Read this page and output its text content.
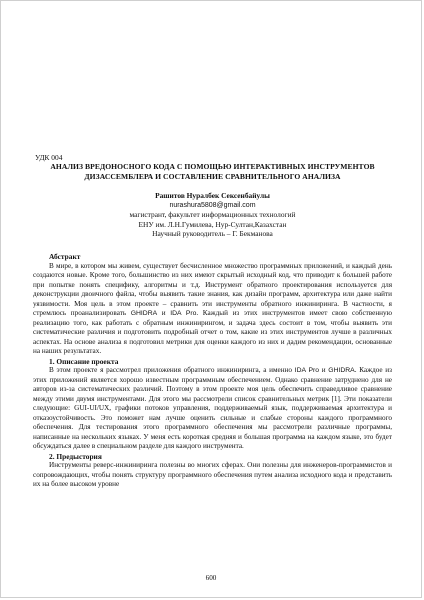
УДК 004
АНАЛИЗ ВРЕДОНОСНОГО КОДА С ПОМОЩЬЮ ИНТЕРАКТИВНЫХ ИНСТРУМЕНТОВ ДИЗАССЕМБЛЕРА И СОСТАВЛЕНИЕ СРАВНИТЕЛЬНОГО АНАЛИЗА
Рашитов Нуралбек Сексенбайулы
nurashura5808@gmail.com
магистрант, факультет информационных технологий
ЕНУ им. Л.Н.Гумилева, Нур-Султан,Казахстан
Научный руководитель – Г. Бекманова
Абстракт

В мире, в котором мы живем, существует бесчисленное множество программных приложений, и каждый день создаются новые. Кроме того, большинство из них имеют скрытый исходный код, что приводит к большей работе при попытке понять специфику, алгоритмы и т.д. Инструмент обратного проектирования используется для деконструкции двоичного файла, чтобы выявить такие знания, как дизайн программ, архитектура или даже найти уязвимости. Моя цель в этом проекте – сравнить эти инструменты обратного инжиниринга. В частности, я стремлюсь проанализировать GHIDRA и IDA Pro. Каждый из этих инструментов имеет свою собственную реализацию того, как работать с обратным инжинирингом, и задача здесь состоит в том, чтобы выявить эти систематические различия и подготовить подробный отчет о том, какие из этих инструментов лучше в различных аспектах. На основе анализа я подготовил метрики для оценки каждого из них и дадим рекомендации, основанные на наших результатах.

1. Описание проекта

В этом проекте я рассмотрел приложения обратного инжиниринга, а именно IDA Pro и GHIDRA. Каждое из этих приложений является хорошо известным программным обеспечением. Однако сравнение затруднено для не авторов из-за систематических различий. Поэтому в этом проекте моя цель обеспечить справедливое сравнение между этими двумя инструментами. Для этого мы рассмотрели список сравнительных метрик [1]. Эти показатели следующие: GUI-UI/UX, графики потоков управления, поддерживаемый язык, поддерживаемая архитектура и отказоустойчивость. Это поможет нам лучше оценить сильные и слабые стороны каждого программного обеспечения. Для тестирования этого программного обеспечения мы рассмотрели различные программы, написанные на нескольких языках. У меня есть короткая средняя и большая программа на каждом языке, это будет обсуждаться далее в специальном разделе для каждого инструмента.

2. Предыстория

Инструменты реверс-инжиниринга полезны во многих сферах. Они полезны для инженеров-программистов и сопровождающих, чтобы понять структуру программного обеспечения путем анализа исходного кода и представить их на более высоком уровне

600
